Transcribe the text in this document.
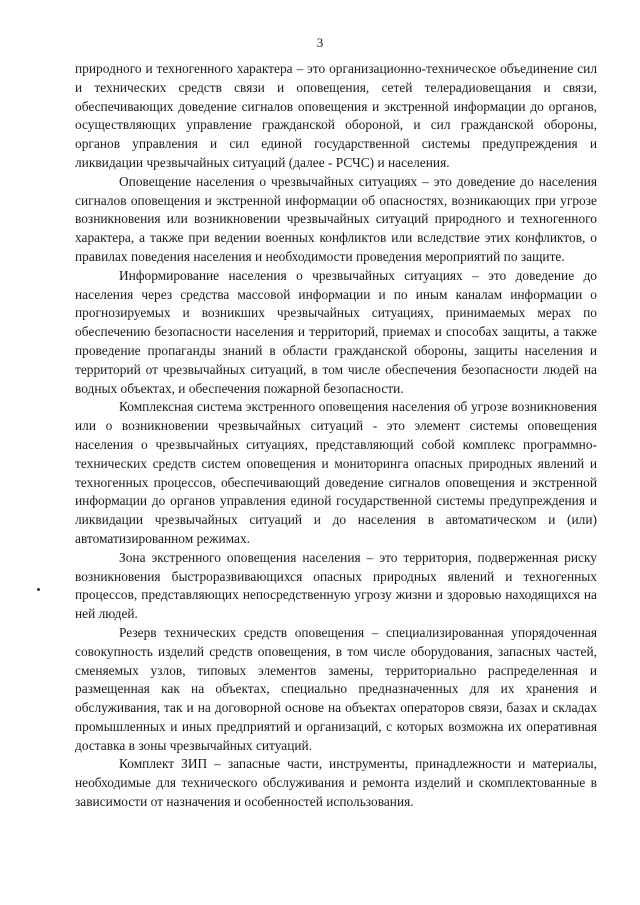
3

природного и техногенного характера – это организационно-техническое объединение сил и технических средств связи и оповещения, сетей телерадиовещания и связи, обеспечивающих доведение сигналов оповещения и экстренной информации до органов, осуществляющих управление гражданской обороной, и сил гражданской обороны, органов управления и сил единой государственной системы предупреждения и ликвидации чрезвычайных ситуаций (далее - РСЧС) и населения.

Оповещение населения о чрезвычайных ситуациях – это доведение до населения сигналов оповещения и экстренной информации об опасностях, возникающих при угрозе возникновения или возникновении чрезвычайных ситуаций природного и техногенного характера, а также при ведении военных конфликтов или вследствие этих конфликтов, о правилах поведения населения и необходимости проведения мероприятий по защите.

Информирование населения о чрезвычайных ситуациях – это доведение до населения через средства массовой информации и по иным каналам информации о прогнозируемых и возникших чрезвычайных ситуациях, принимаемых мерах по обеспечению безопасности населения и территорий, приемах и способах защиты, а также проведение пропаганды знаний в области гражданской обороны, защиты населения и территорий от чрезвычайных ситуаций, в том числе обеспечения безопасности людей на водных объектах, и обеспечения пожарной безопасности.

Комплексная система экстренного оповещения населения об угрозе возникновения или о возникновении чрезвычайных ситуаций - это элемент системы оповещения населения о чрезвычайных ситуациях, представляющий собой комплекс программно-технических средств систем оповещения и мониторинга опасных природных явлений и техногенных процессов, обеспечивающий доведение сигналов оповещения и экстренной информации до органов управления единой государственной системы предупреждения и ликвидации чрезвычайных ситуаций и до населения в автоматическом и (или) автоматизированном режимах.

Зона экстренного оповещения населения – это территория, подверженная риску возникновения быстроразвивающихся опасных природных явлений и техногенных процессов, представляющих непосредственную угрозу жизни и здоровью находящихся на ней людей.

Резерв технических средств оповещения – специализированная упорядоченная совокупность изделий средств оповещения, в том числе оборудования, запасных частей, сменяемых узлов, типовых элементов замены, территориально распределенная и размещенная как на объектах, специально предназначенных для их хранения и обслуживания, так и на договорной основе на объектах операторов связи, базах и складах промышленных и иных предприятий и организаций, с которых возможна их оперативная доставка в зоны чрезвычайных ситуаций.

Комплект ЗИП – запасные части, инструменты, принадлежности и материалы, необходимые для технического обслуживания и ремонта изделий и скомплектованные в зависимости от назначения и особенностей использования.
